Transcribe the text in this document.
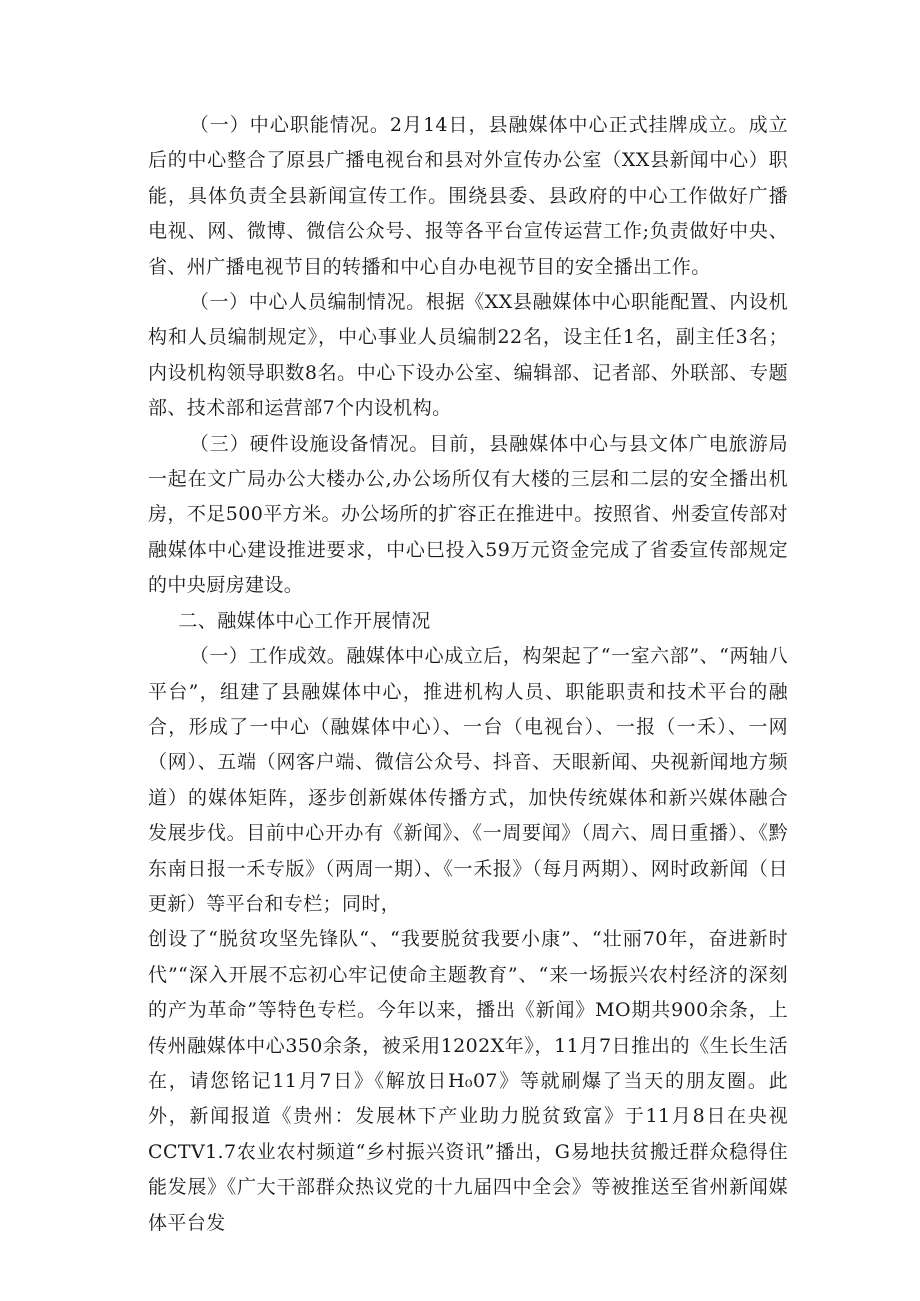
（一）中心职能情况。2月14日，县融媒体中心正式挂牌成立。成立后的中心整合了原县广播电视台和县对外宣传办公室（XX县新闻中心）职能，具体负责全县新闻宣传工作。围绕县委、县政府的中心工作做好广播电视、网、微博、微信公众号、报等各平台宣传运营工作;负责做好中央、省、州广播电视节目的转播和中心自办电视节目的安全播出工作。

（一）中心人员编制情况。根据《XX县融媒体中心职能配置、内设机构和人员编制规定》，中心事业人员编制22名，设主任1名，副主任3名；内设机构领导职数8名。中心下设办公室、编辑部、记者部、外联部、专题部、技术部和运营部7个内设机构。

（三）硬件设施设备情况。目前，县融媒体中心与县文体广电旅游局一起在文广局办公大楼办公,办公场所仅有大楼的三层和二层的安全播出机房，不足500平方米。办公场所的扩容正在推进中。按照省、州委宣传部对融媒体中心建设推进要求，中心巳投入59万元资金完成了省委宣传部规定的中央厨房建设。

二、融媒体中心工作开展情况

（一）工作成效。融媒体中心成立后，构架起了“一室六部”、“两轴八平台”，组建了县融媒体中心，推进机构人员、职能职责和技术平台的融合，形成了一中心（融媒体中心）、一台（电视台）、一报（一禾）、一网（网）、五端（网客户端、微信公众号、抖音、天眼新闻、央视新闻地方频道）的媒体矩阵，逐步创新媒体传播方式，加快传统媒体和新兴媒体融合发展步伐。目前中心开办有《新闻》、《一周要闻》（周六、周日重播）、《黔东南日报一禾专版》（两周一期）、《一禾报》（每月两期）、网时政新闻（日更新）等平台和专栏；同时，

创设了“脱贫攻坚先锋队“、“我要脱贫我要小康”、“壮丽70年，奋进新时代”“深入开展不忘初心牢记使命主题教育”、“来一场振兴农村经济的深刻的产为革命”等特色专栏。今年以来，播出《新闻》MO期共900余条，上传州融媒体中心350余条，被采用1202X年》，11月7日推出的《生长生活在，请您铭记11月7日》《解放日H₀07》等就刷爆了当天的朋友圈。此外，新闻报道《贵州：发展林下产业助力脱贫致富》于11月8日在央视CCTV1.7农业农村频道“乡村振兴资讯”播出，G易地扶贫搬迁群众稳得住能发展》《广大干部群众热议党的十九届四中全会》等被推送至省州新闻媒体平台发
